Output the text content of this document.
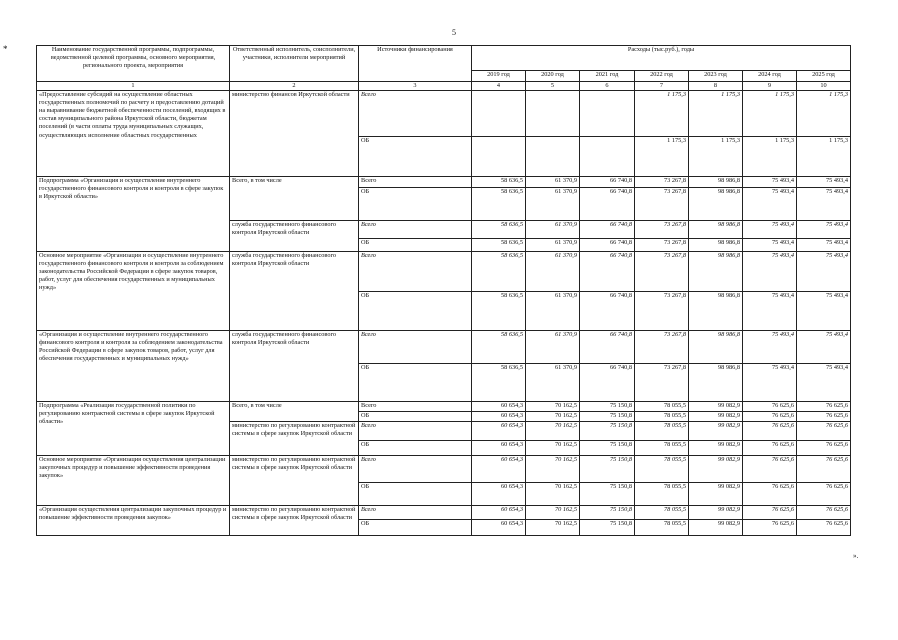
5
*	Наименование государственной программы, подпрограммы, ведомственной целевой программы, основного мероприятия, регионального проекта, мероприятия	Ответственный исполнитель, соисполнители, участники, исполнители мероприятий	Источники финансирования	Расходы (тыс.руб.), годы						
			2019 год	2020 год	2021 год	2022 год	2023 год	2024 год	2025 год
1	2	3	4	5	6	7	8	9	10
«Предоставление субсидий на осуществление областных государственных полномочий по расчету и предоставлению дотаций на выравнивание бюджетной обеспеченности поселений, входящих в состав муниципального района Иркутской области, бюджетам поселений (в части оплаты труда муниципальных служащих, осуществляющих исполнение областных государственных	министерство финансов Иркутской области	Всего				1 175,3	1 175,3	1 175,3	1 175,3
		ОБ				1 175,3	1 175,3	1 175,3	1 175,3
Подпрограмма «Организация и осуществление внутреннего государственного финансового контроля и контроля в сфере закупок в Иркутской области»	Всего, в том числе	Всего	58 636,5	61 370,9	66 740,8	73 267,8	98 986,8	75 493,4	75 493,4
		ОБ	58 636,5	61 370,9	66 740,8	73 267,8	98 986,8	75 493,4	75 493,4
	служба государственного финансового контроля Иркутской области	Всего	58 636,5	61 370,9	66 740,8	73 267,8	98 986,8	75 493,4	75 493,4
		ОБ	58 636,5	61 370,9	66 740,8	73 267,8	98 986,8	75 493,4	75 493,4
Основное мероприятие «Организация и осуществление внутреннего государственного финансового контроля и контроля за соблюдением законодательства Российской Федерации в сфере закупок товаров, работ, услуг для обеспечения государственных и муниципальных нужд»	служба государственного финансового контроля Иркутской области	Всего	58 636,5	61 370,9	66 740,8	73 267,8	98 986,8	75 493,4	75 493,4
		ОБ	58 636,5	61 370,9	66 740,8	73 267,8	98 986,8	75 493,4	75 493,4
«Организация и осуществление внутреннего государственного финансового контроля и контроля за соблюдением законодательства Российской Федерации в сфере закупок товаров, работ, услуг для обеспечения государственных и муниципальных нужд»	служба государственного финансового контроля Иркутской области	Всего	58 636,5	61 370,9	66 740,8	73 267,8	98 986,8	75 493,4	75 493,4
		ОБ	58 636,5	61 370,9	66 740,8	73 267,8	98 986,8	75 493,4	75 493,4
Подпрограмма «Реализация государственной политики по регулированию контрактной системы в сфере закупок Иркутской области»	Всего, в том числе	Всего	60 654,3	70 162,5	75 150,8	78 055,5	99 082,9	76 625,6	76 625,6
		ОБ	60 654,3	70 162,5	75 150,8	78 055,5	99 082,9	76 625,6	76 625,6
	министерство по регулированию контрактной системы в сфере закупок Иркутской области	Всего	60 654,3	70 162,5	75 150,8	78 055,5	99 082,9	76 625,6	76 625,6
		ОБ	60 654,3	70 162,5	75 150,8	78 055,5	99 082,9	76 625,6	76 625,6
Основное мероприятие «Организация осуществления централизации закупочных процедур и повышение эффективности проведения закупок»	министерство по регулированию контрактной системы в сфере закупок Иркутской области	Всего	60 654,3	70 162,5	75 150,8	78 055,5	99 082,9	76 625,6	76 625,6
		ОБ	60 654,3	70 162,5	75 150,8	78 055,5	99 082,9	76 625,6	76 625,6
«Организация осуществления централизации закупочных процедур и повышение эффективности проведения закупок»	министерство по регулированию контрактной системы в сфере закупок Иркутской области	Всего	60 654,3	70 162,5	75 150,8	78 055,5	99 082,9	76 625,6	76 625,6
		ОБ	60 654,3	70 162,5	75 150,8	78 055,5	99 082,9	76 625,6	76 625,6
».
